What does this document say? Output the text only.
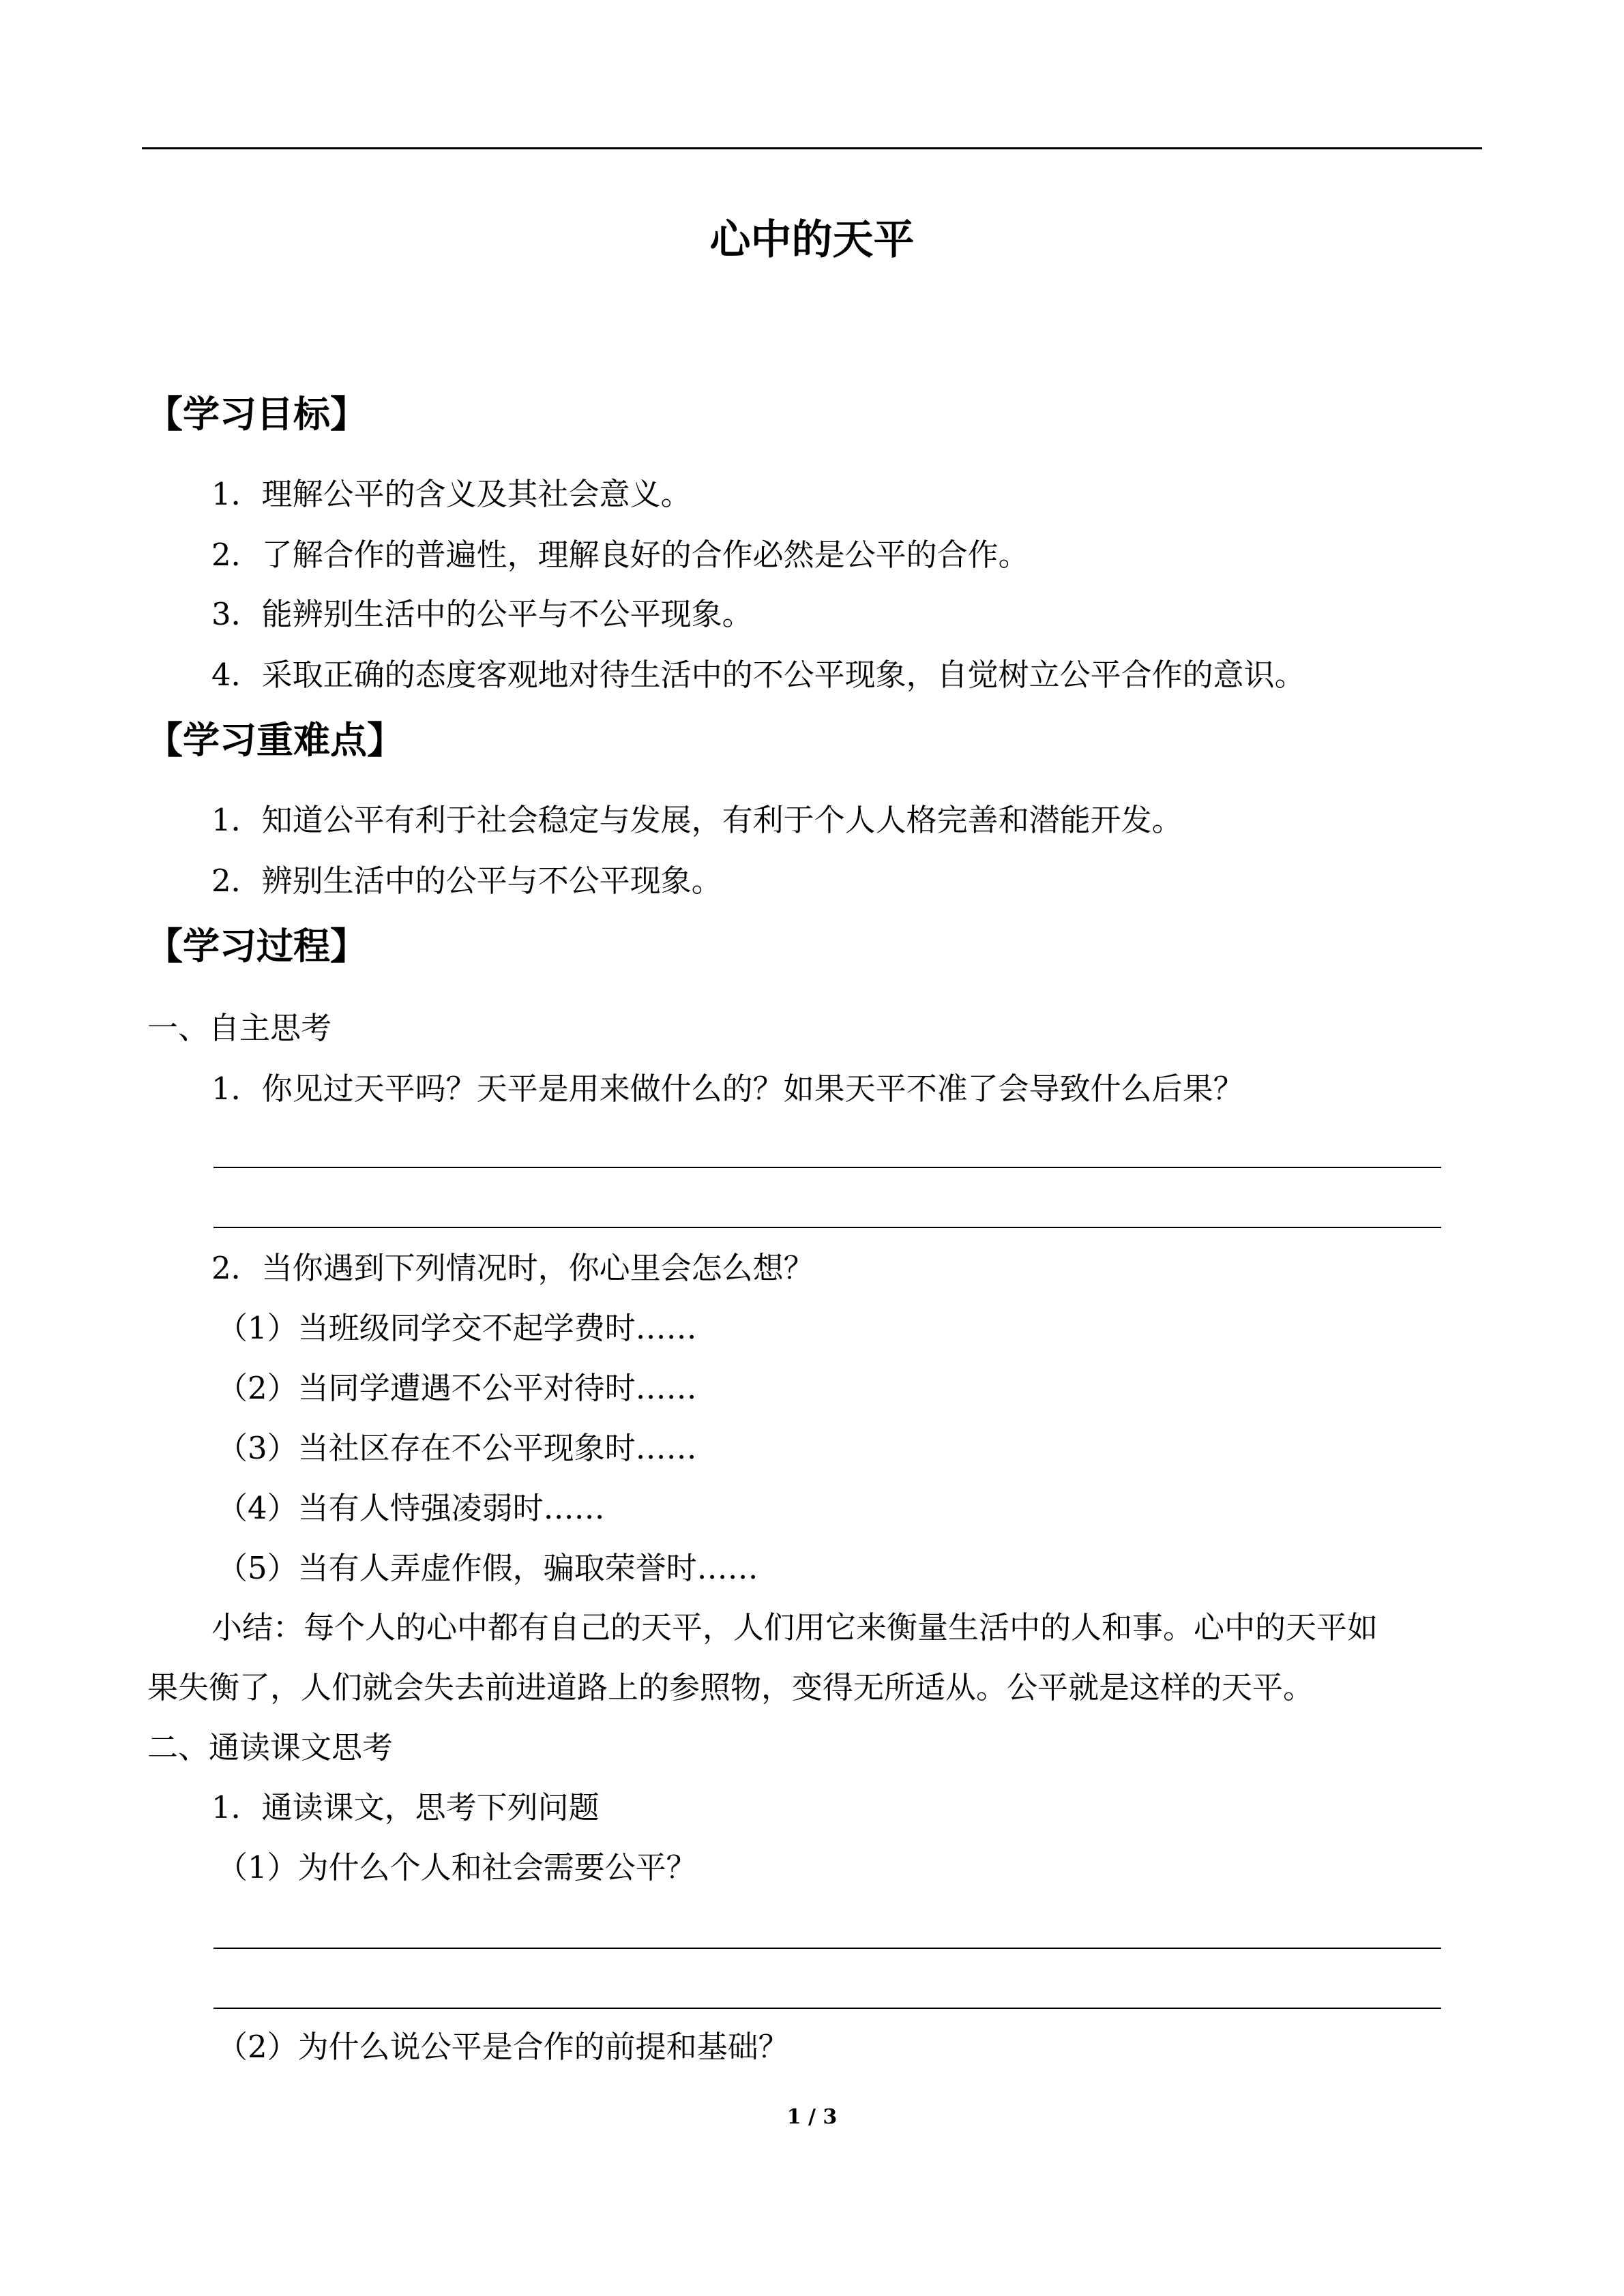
心中的天平
【学习目标】
1．理解公平的含义及其社会意义。
2．了解合作的普遍性，理解良好的合作必然是公平的合作。
3．能辨别生活中的公平与不公平现象。
4．采取正确的态度客观地对待生活中的不公平现象，自觉树立公平合作的意识。
【学习重难点】
1．知道公平有利于社会稳定与发展，有利于个人人格完善和潜能开发。
2．辨别生活中的公平与不公平现象。
【学习过程】
一、自主思考
1．你见过天平吗？天平是用来做什么的？如果天平不准了会导致什么后果？
2．当你遇到下列情况时，你心里会怎么想？
（1）当班级同学交不起学费时……
（2）当同学遭遇不公平对待时……
（3）当社区存在不公平现象时……
（4）当有人恃强凌弱时……
（5）当有人弄虚作假，骗取荣誉时……
小结：每个人的心中都有自己的天平，人们用它来衡量生活中的人和事。心中的天平如
果失衡了，人们就会失去前进道路上的参照物，变得无所适从。公平就是这样的天平。
二、通读课文思考
1．通读课文，思考下列问题
（1）为什么个人和社会需要公平？
（2）为什么说公平是合作的前提和基础？
1 / 3
